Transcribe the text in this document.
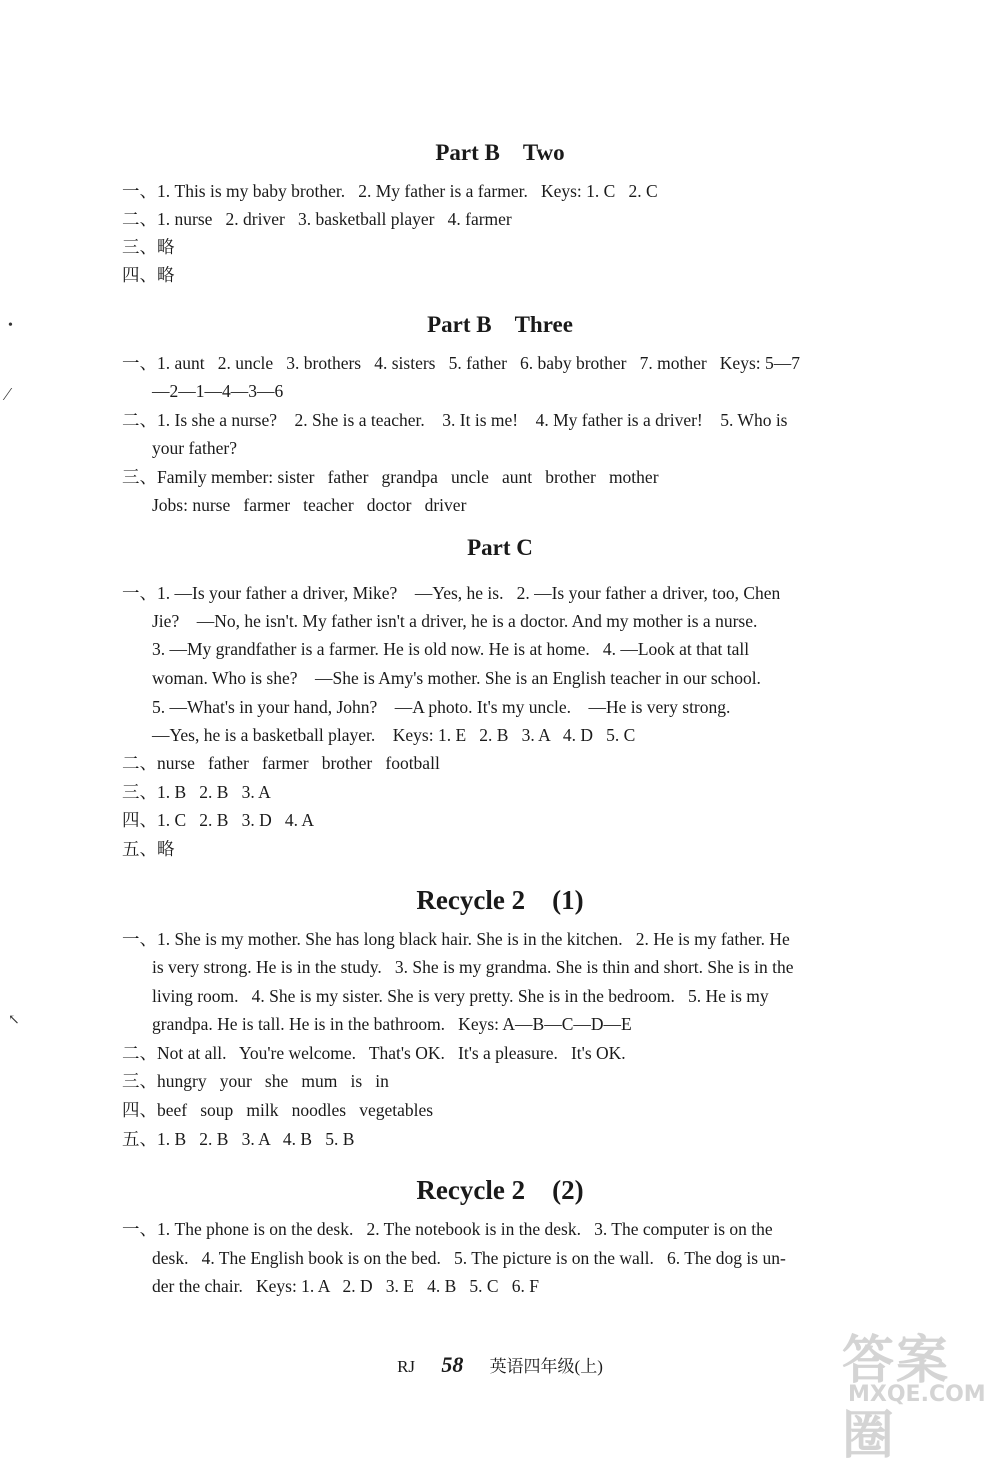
Part B　Two
一、1. This is my baby brother.   2. My father is a farmer.   Keys: 1. C   2. C
二、1. nurse   2. driver   3. basketball player   4. farmer
三、略
四、略
Part B　Three
一、1. aunt   2. uncle   3. brothers   4. sisters   5. father   6. baby brother   7. mother   Keys: 5—7
—2—1—4—3—6
二、1. Is she a nurse?    2. She is a teacher.    3. It is me!    4. My father is a driver!    5. Who is
your father?
三、Family member: sister   father   grandpa   uncle   aunt   brother   mother
Jobs: nurse   farmer   teacher   doctor   driver
Part C
一、1. —Is your father a driver, Mike?    —Yes, he is.   2. —Is your father a driver, too, Chen
Jie?    —No, he isn't. My father isn't a driver, he is a doctor. And my mother is a nurse.
3. —My grandfather is a farmer. He is old now. He is at home.   4. —Look at that tall
woman. Who is she?    —She is Amy's mother. She is an English teacher in our school.
5. —What's in your hand, John?    —A photo. It's my uncle.    —He is very strong.
—Yes, he is a basketball player.    Keys: 1. E   2. B   3. A   4. D   5. C
二、nurse   father   farmer   brother   football
三、1. B   2. B   3. A
四、1. C   2. B   3. D   4. A
五、略
Recycle 2　(1)
一、1. She is my mother. She has long black hair. She is in the kitchen.   2. He is my father. He
is very strong. He is in the study.   3. She is my grandma. She is thin and short. She is in the
living room.   4. She is my sister. She is very pretty. She is in the bedroom.   5. He is my
grandpa. He is tall. He is in the bathroom.   Keys: A—B—C—D—E
二、Not at all.   You're welcome.   That's OK.   It's a pleasure.   It's OK.
三、hungry   your   she   mum   is   in
四、beef   soup   milk   noodles   vegetables
五、1. B   2. B   3. A   4. B   5. B
Recycle 2　(2)
一、1. The phone is on the desk.   2. The notebook is in the desk.   3. The computer is on the
desk.   4. The English book is on the bed.   5. The picture is on the wall.   6. The dog is un-
der the chair.   Keys: 1. A   2. D   3. E   4. B   5. C   6. F
RJ 58 英语四年级(上)
•
⁄
↖
答案圈
MXQE.COM
